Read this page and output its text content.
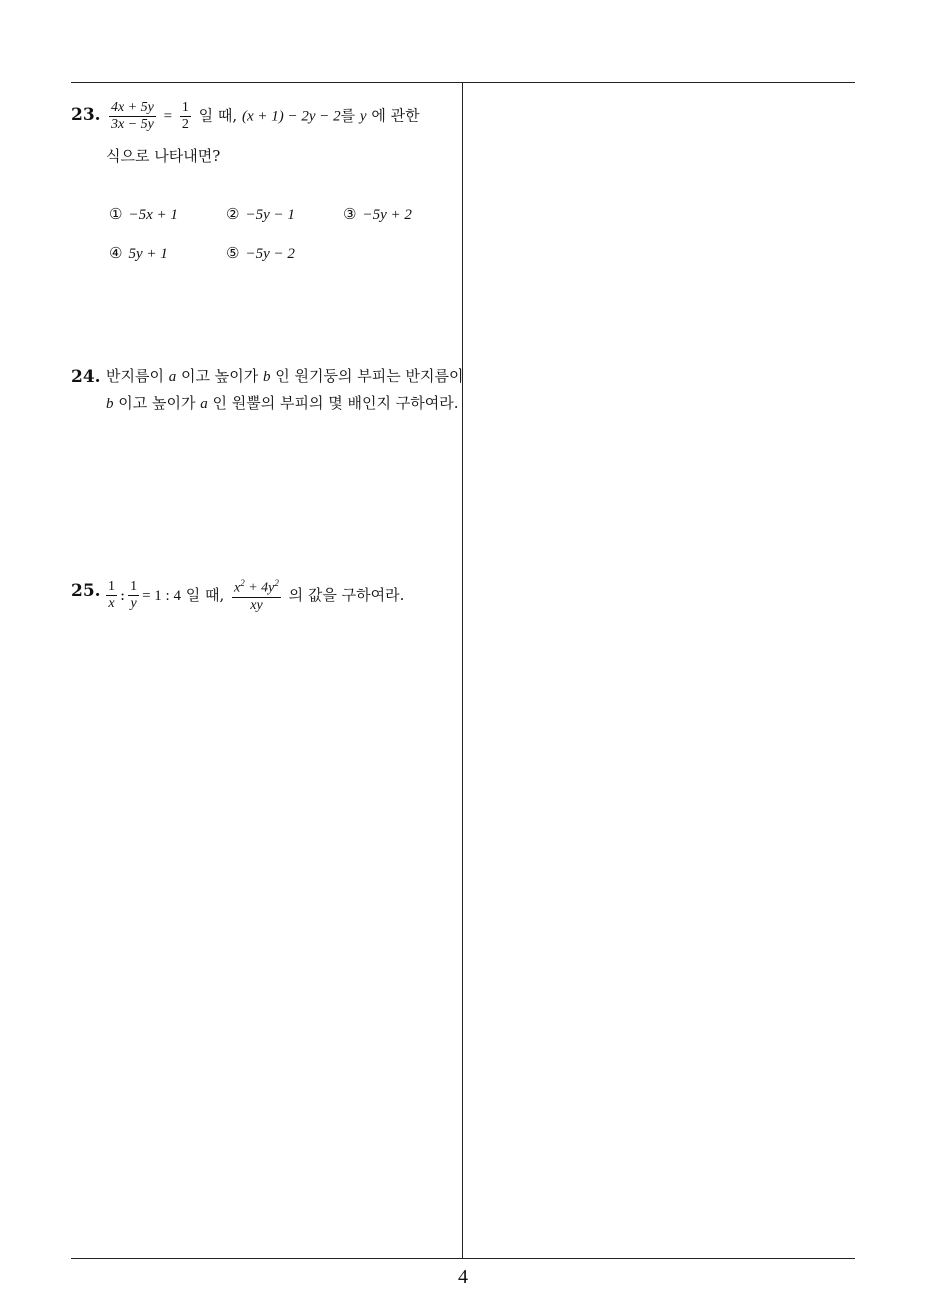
23. $\frac{4x + 5y}{3x - 5y} = \frac{1}{2}$ 일 때, (x + 1) − 2y − 2를 y 에 관한
식으로 나타내면?
① −5x + 1	② −5y − 1	③ −5y + 2
④ 5y + 1	⑤ −5y − 2
24. 반지름이 a 이고 높이가 b 인 원기둥의 부피는 반지름이
b 이고 높이가 a 인 원뿔의 부피의 몇 배인지 구하여라.
25. $\frac{1}{x}$ : $\frac{1}{y} = 1$ : 4 일 때, $\frac{x^2 + 4y^2}{xy}$ 의 값을 구하여라.
4
